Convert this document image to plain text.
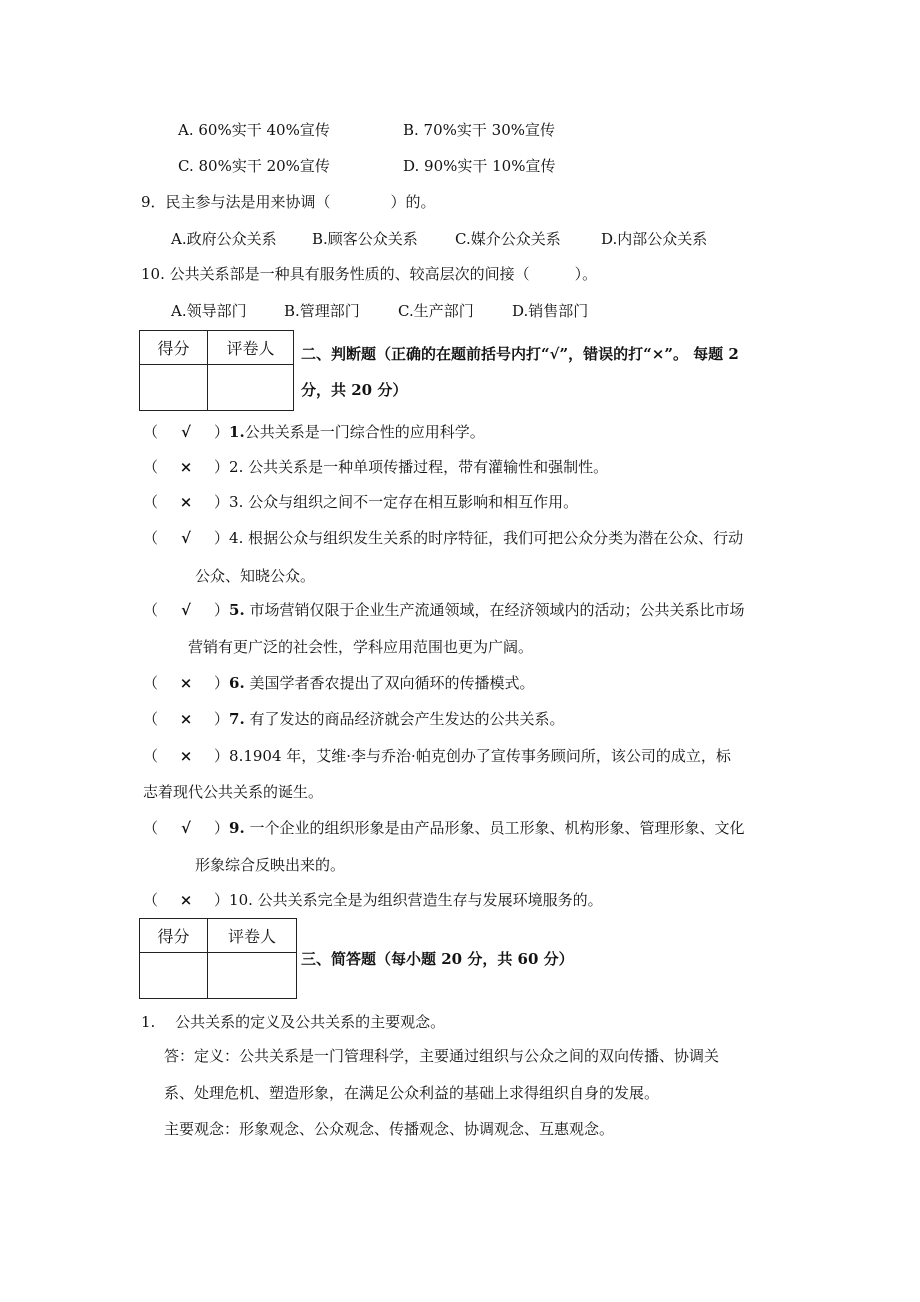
A. 60%实干 40%宣传	B. 70%实干 30%宣传
C. 80%实干 20%宣传	D. 90%实干 10%宣传
9．民主参与法是用来协调（　　　　）的。
A.政府公众关系 B.顾客公众关系 C.媒介公众关系	D.内部公众关系
10. 公共关系部是一种具有服务性质的、较高层次的间接（　　　）。
A.领导部门 B.管理部门	C.生产部门	D.销售部门
得分	评卷人
	二、判断题（正确的在题前括号内打“√”，错误的打“×”。 每题 2
分，共 20 分）
（ √ ）1.公共关系是一门综合性的应用科学。
（ × ）2. 公共关系是一种单项传播过程，带有灌输性和强制性。
（ × ）3. 公众与组织之间不一定存在相互影响和相互作用。
（ √ ）4. 根据公众与组织发生关系的时序特征，我们可把公众分类为潜在公众、行动
公众、知晓公众。
（ √ ）5. 市场营销仅限于企业生产流通领域，在经济领域内的活动；公共关系比市场
营销有更广泛的社会性，学科应用范围也更为广阔。
（ × ）6. 美国学者香农提出了双向循环的传播模式。
（ × ）7. 有了发达的商品经济就会产生发达的公共关系。
（ × ）8.1904 年，艾维·李与乔治·帕克创办了宣传事务顾问所，该公司的成立，标
志着现代公共关系的诞生。
（ √ ）9. 一个企业的组织形象是由产品形象、员工形象、机构形象、管理形象、文化
形象综合反映出来的。
（ × ）10. 公共关系完全是为组织营造生存与发展环境服务的。
得分	评卷人

三、简答题（每小题 20 分，共 60 分）
1.　 公共关系的定义及公共关系的主要观念。
答：定义：公共关系是一门管理科学，主要通过组织与公众之间的双向传播、协调关
系、处理危机、塑造形象，在满足公众利益的基础上求得组织自身的发展。
主要观念：形象观念、公众观念、传播观念、协调观念、互惠观念。
